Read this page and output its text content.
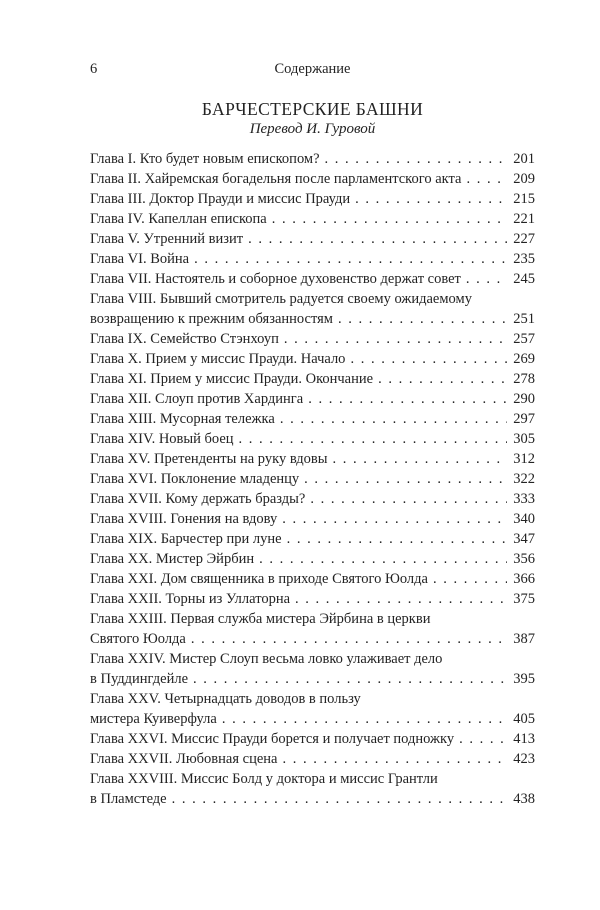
6	Содержание
БАРЧЕСТЕРСКИЕ БАШНИ
Перевод И. Гуровой
Глава I. Кто будет новым епископом? . . .	201
Глава II. Хайремская богадельня после парламентского акта . . .	209
Глава III. Доктор Прауди и миссис Прауди . . .	215
Глава IV. Капеллан епископа . . .	221
Глава V. Утренний визит . . .	227
Глава VI. Война . . .	235
Глава VII. Настоятель и соборное духовенство держат совет . . .	245
Глава VIII. Бывший смотритель радуется своему ожидаемому
возвращению к прежним обязанностям . . .	251
Глава IX. Семейство Стэнхоуп . . .	257
Глава X. Прием у миссис Прауди. Начало . . .	269
Глава XI. Прием у миссис Прауди. Окончание . . .	278
Глава XII. Слоуп против Хардинга . . .	290
Глава XIII. Мусорная тележка . . .	297
Глава XIV. Новый боец . . .	305
Глава XV. Претенденты на руку вдовы . . .	312
Глава XVI. Поклонение младенцу . . .	322
Глава XVII. Кому держать бразды? . . .	333
Глава XVIII. Гонения на вдову . . .	340
Глава XIX. Барчестер при луне . . .	347
Глава XX. Мистер Эйрбин . . .	356
Глава XXI. Дом священника в приходе Святого Юолда . . .	366
Глава XXII. Торны из Уллаторна . . .	375
Глава XXIII. Первая служба мистера Эйрбина в церкви
Святого Юолда . . .	387
Глава XXIV. Мистер Слоуп весьма ловко улаживает дело
в Пуддингдейле . . .	395
Глава XXV. Четырнадцать доводов в пользу
мистера Куиверфула . . .	405
Глава XXVI. Миссис Прауди борется и получает подножку . . .	413
Глава XXVII. Любовная сцена . . .	423
Глава XXVIII. Миссис Болд у доктора и миссис Грантли
в Пламстеде . . .	438
